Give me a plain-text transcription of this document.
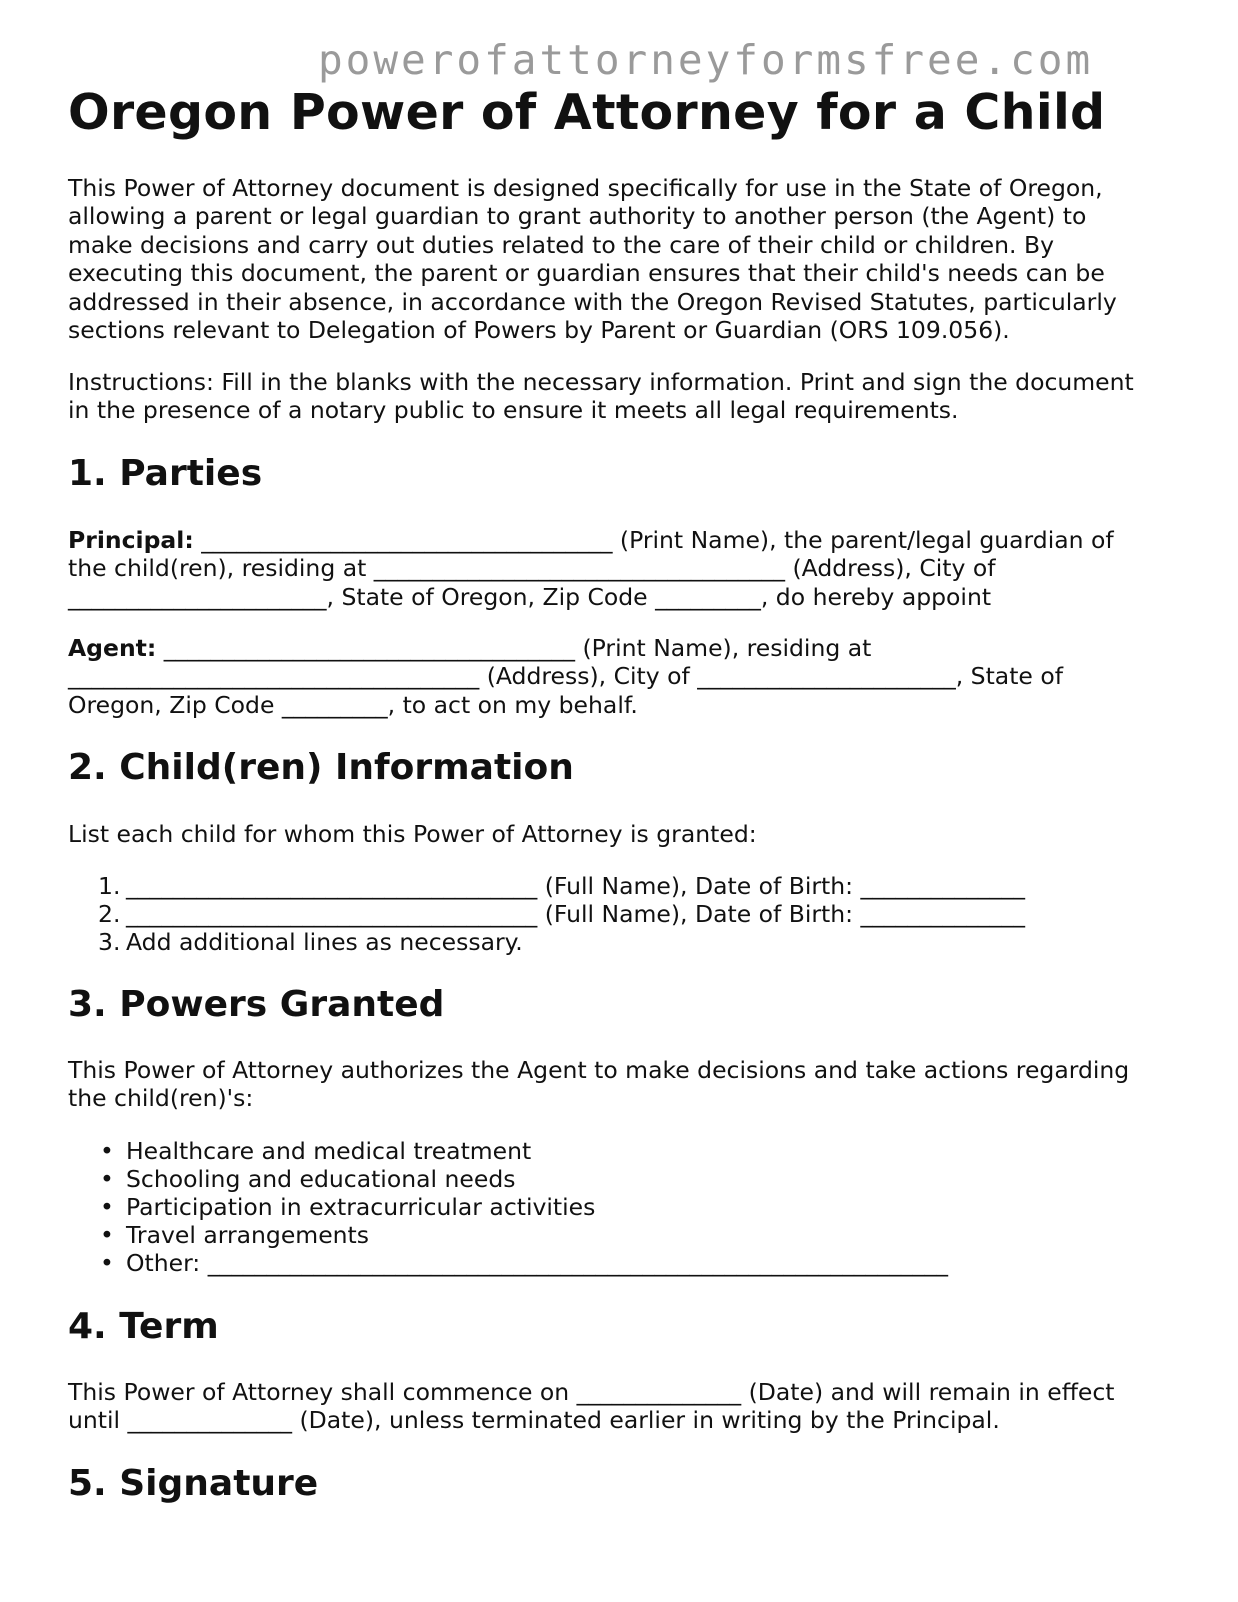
powerofattorneyformsfree.com
Oregon Power of Attorney for a Child
This Power of Attorney document is designed specifically for use in the State of Oregon,
allowing a parent or legal guardian to grant authority to another person (the Agent) to
make decisions and carry out duties related to the care of their child or children. By
executing this document, the parent or guardian ensures that their child's needs can be
addressed in their absence, in accordance with the Oregon Revised Statutes, particularly
sections relevant to Delegation of Powers by Parent or Guardian (ORS 109.056).
Instructions: Fill in the blanks with the necessary information. Print and sign the document
in the presence of a notary public to ensure it meets all legal requirements.
1. Parties
Principal: ___________________________________ (Print Name), the parent/legal guardian of
the child(ren), residing at ___________________________________ (Address), City of
______________________, State of Oregon, Zip Code _________, do hereby appoint
Agent: ___________________________________ (Print Name), residing at
___________________________________ (Address), City of ______________________, State of
Oregon, Zip Code _________, to act on my behalf.
2. Child(ren) Information
List each child for whom this Power of Attorney is granted:
1. ___________________________________ (Full Name), Date of Birth: ______________
2. ___________________________________ (Full Name), Date of Birth: ______________
3. Add additional lines as necessary.
3. Powers Granted
This Power of Attorney authorizes the Agent to make decisions and take actions regarding
the child(ren)'s:
• Healthcare and medical treatment
• Schooling and educational needs
• Participation in extracurricular activities
• Travel arrangements
• Other: _______________________________________________________________
4. Term
This Power of Attorney shall commence on ______________ (Date) and will remain in effect
until ______________ (Date), unless terminated earlier in writing by the Principal.
5. Signature
